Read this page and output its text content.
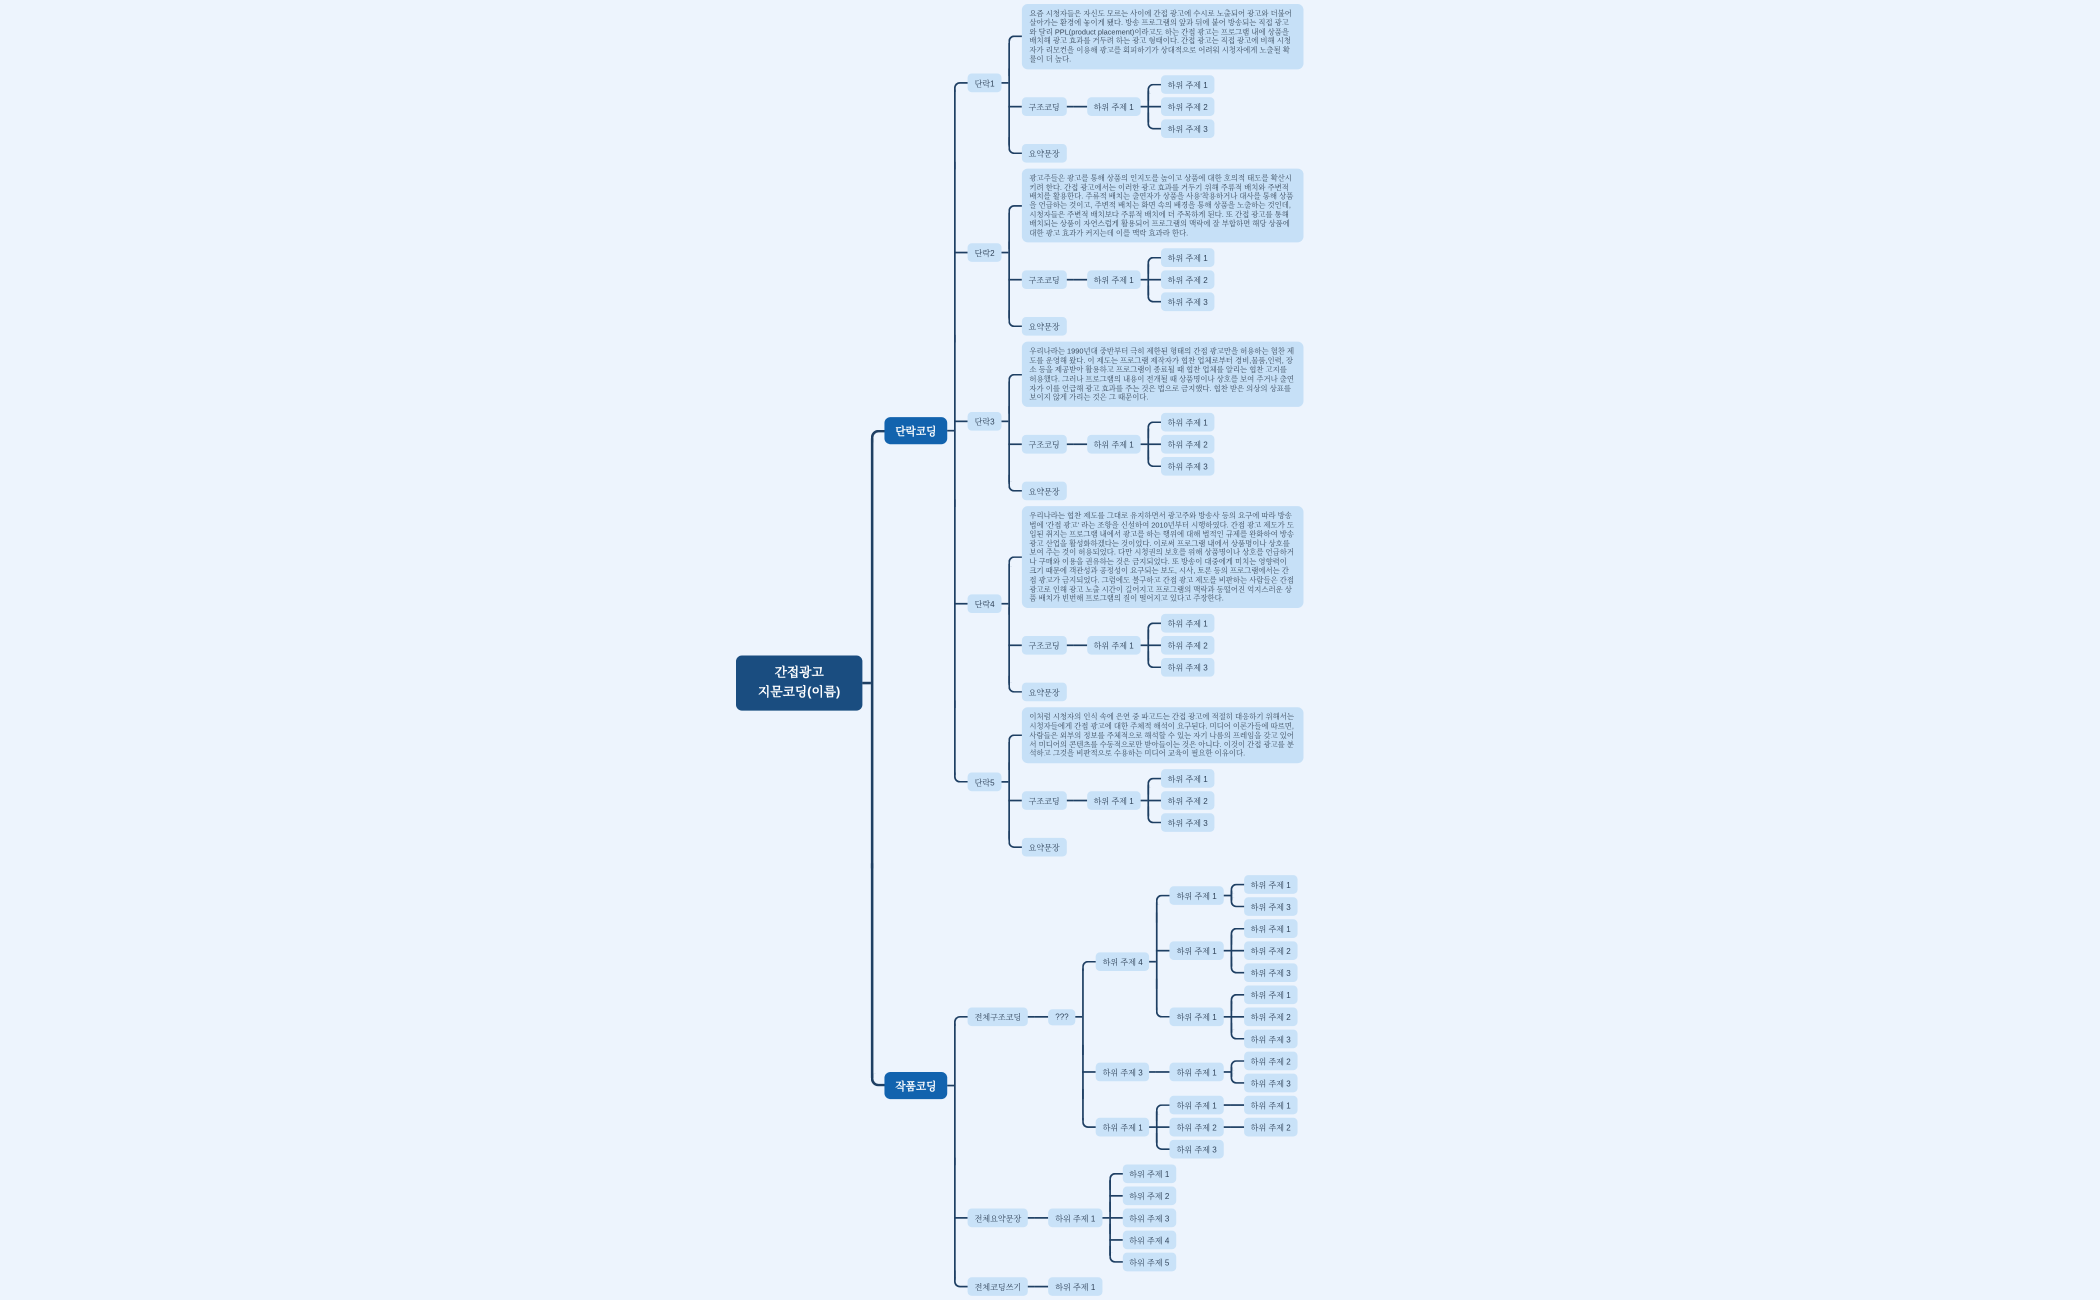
간접광고
지문코딩(이름)
단락코딩
단락1
요즘 시청자들은 자신도 모르는 사이에 간접 광고에 수시로 노출되어 광고와 더불어 살아가는 환경에 놓이게 됐다. 방송 프로그램의 앞과 뒤에 붙어 방송되는 직접 광고와 달리 PPL(product placement)이라고도 하는 간접 광고는 프로그램 내에 상품을 배치해 광고 효과를 거두려 하는 광고 형태이다. 간접 광고는 직접 광고에 비해 시청자가 리모컨을 이용해 광고를 회피하기가 상대적으로 어려워 시청자에게 노출될 확률이 더 높다.
구조코딩	하위 주제 1
하위 주제 1
하위 주제 2
하위 주제 3
요약문장
단락2
광고주들은 광고를 통해 상품의 인지도를 높이고 상품에 대한 호의적 태도를 확산시키려 한다. 간접 광고에서는 이러한 광고 효과를 거두기 위해 주류적 배치와 주변적 배치를 활용한다. 주류적 배치는 출연자가 상품을 사용'착용하거나 대사를 통해 상품을 언급하는 것이고, 주변적 배치는 화면 속의 배경을 통해 상품을 노출하는 것인데, 시청자들은 주변적 배치보다 주류적 배치에 더 주목하게 된다. 또 간접 광고를 통해 배치되는 상품이 자연스럽게 활용되어 프로그램의 맥락에 잘 부합하면 해당 상품에 대한 광고 효과가 커지는데 이를 맥락 효과라 한다.
구조코딩	하위 주제 1
하위 주제 1
하위 주제 2
하위 주제 3
요약문장
단락3
우리나라는 1990년대 중반부터 극히 제한된 형태의 간접 광고만을 허용하는 협찬 제도를 운영해 왔다. 이 제도는 프로그램 제작자가 협찬 업체로부터 경비,물품,인력, 장소 등을 제공받아 활용하고 프로그램이 종료될 때 협찬 업체를 알리는 협찬 고지를 허용했다. 그러나 프로그램의 내용이 전개될 때 상품명이나 상호를 보여 주거나 출연자가 이를 언급해 광고 효과를 주는 것은 법으로 금지했다. 협찬 받은 의상의 상표를 보이지 않게 가리는 것은 그 때문이다.
구조코딩	하위 주제 1
하위 주제 1
하위 주제 2
하위 주제 3
요약문장
단락4
우리나라는 협찬 제도를 그대로 유지하면서 광고주와 방송사 등의 요구에 따라 방송법에 '간접 광고' 라는 조항을 신설하여 2010년부터 시행하였다. 간접 광고 제도가 도입된 취지는 프로그램 내에서 광고를 하는 행위에 대해 법적인 규제를 완화하여 방송 광고 산업을 활성화하겠다는 것이었다. 이로써 프로그램 내에서 상품명이나 상호를 보여 주는 것이 허용되었다. 다만 시청권의 보호를 위해 상품명이나 상호를 언급하거나 구매와 이용을 권유하는 것은 금지되었다. 또 방송이 대중에게 미치는 영향력이 크기 때문에 객관성과 공정성이 요구되는 보도, 시사, 토론 등의 프로그램에서는 간접 광고가 금지되었다. 그럼에도 불구하고 간접 광고 제도를 비판하는 사람들은 간접 광고로 인해 광고 노출 시간이 길어지고 프로그램의 맥락과 동떨어진 억지스러운 상품 배치가 빈번해 프로그램의 질이 떨어지고 있다고 주장한다.
구조코딩	하위 주제 1
하위 주제 1
하위 주제 2
하위 주제 3
요약문장
단락5
이처럼 시청자의 인식 속에 은연 중 파고드는 간접 광고에 적절히 대응하기 위해서는 시청자들에게 간접 광고에 대한 주체적 해석이 요구된다. 미디어 이론가들에 따르면, 사람들은 외부의 정보를 주체적으로 해석할 수 있는 자기 나름의 프레임을 갖고 있어서 미디어의 콘텐츠를 수동적으로만 받아들이는 것은 아니다. 이것이 간접 광고를 분석하고 그것을 비판적으로 수용하는 미디어 교육이 필요한 이유이다.
구조코딩	하위 주제 1
하위 주제 1
하위 주제 2
하위 주제 3
요약문장
작품코딩
전체구조코딩	???
하위 주제 4
하위 주제 1
하위 주제 1
하위 주제 3
하위 주제 1
하위 주제 1
하위 주제 2
하위 주제 3
하위 주제 1
하위 주제 1
하위 주제 2
하위 주제 3
하위 주제 3	하위 주제 1
하위 주제 2
하위 주제 3
하위 주제 1
하위 주제 1	하위 주제 1
하위 주제 2	하위 주제 2
하위 주제 3
전체요약문장	하위 주제 1
하위 주제 1
하위 주제 2
하위 주제 3
하위 주제 4
하위 주제 5
전체코딩쓰기	하위 주제 1
